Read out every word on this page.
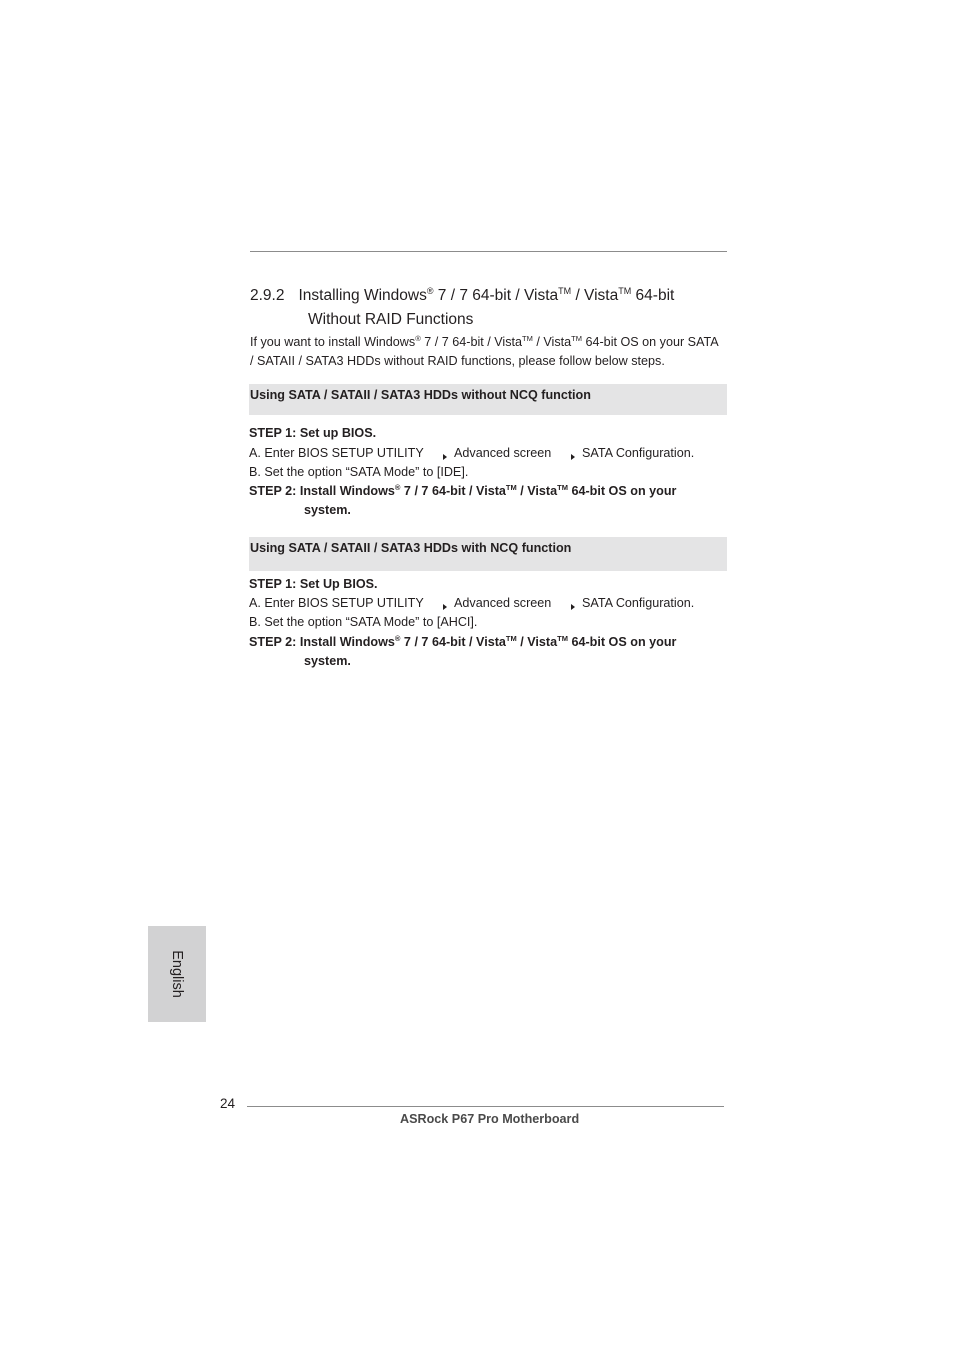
2.9.2 Installing Windows® 7 / 7 64-bit / Vista™ / Vista™ 64-bit
Without RAID Functions
If you want to install Windows® 7 / 7 64-bit / Vista™ / Vista™ 64-bit OS on your SATA
/ SATAII / SATA3 HDDs without RAID functions, please follow below steps.
Using SATA / SATAII / SATA3 HDDs without NCQ function
STEP 1: Set up BIOS.
A. Enter BIOS SETUP UTILITY Advanced screen SATA Configuration.
B. Set the option “SATA Mode” to [IDE].
STEP 2: Install Windows® 7 / 7 64-bit / Vista™ / Vista™ 64-bit OS on your
system.
Using SATA / SATAII / SATA3 HDDs with NCQ function
STEP 1: Set Up BIOS.
A. Enter BIOS SETUP UTILITY Advanced screen SATA Configuration.
B. Set the option “SATA Mode” to [AHCI].
STEP 2: Install Windows® 7 / 7 64-bit / Vista™ / Vista™ 64-bit OS on your
system.
English
24
ASRock P67 Pro Motherboard
